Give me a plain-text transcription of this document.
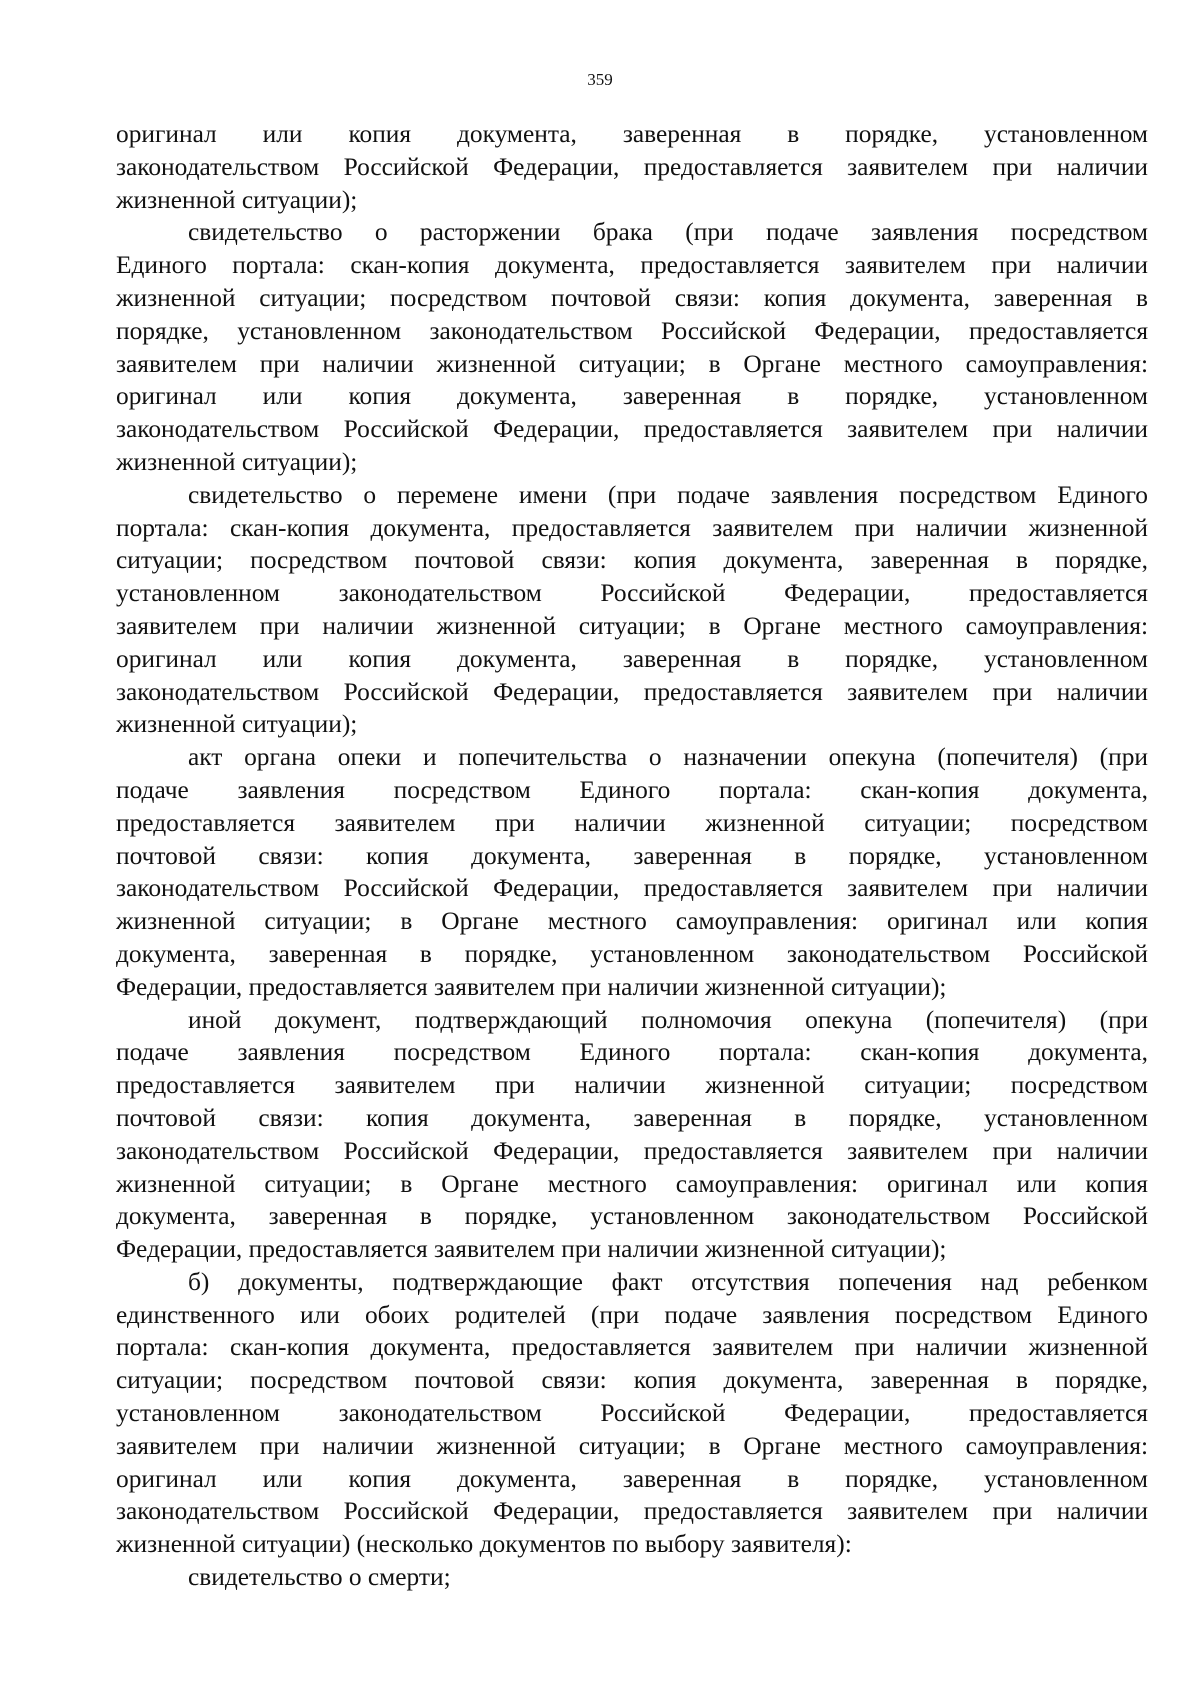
359
оригинал или копия документа, заверенная в порядке, установленном
законодательством Российской Федерации, предоставляется заявителем при наличии
жизненной ситуации);
свидетельство о расторжении брака (при подаче заявления посредством
Единого портала: скан-копия документа, предоставляется заявителем при наличии
жизненной ситуации; посредством почтовой связи: копия документа, заверенная в
порядке, установленном законодательством Российской Федерации, предоставляется
заявителем при наличии жизненной ситуации; в Органе местного самоуправления:
оригинал или копия документа, заверенная в порядке, установленном
законодательством Российской Федерации, предоставляется заявителем при наличии
жизненной ситуации);
свидетельство о перемене имени (при подаче заявления посредством Единого
портала: скан-копия документа, предоставляется заявителем при наличии жизненной
ситуации; посредством почтовой связи: копия документа, заверенная в порядке,
установленном законодательством Российской Федерации, предоставляется
заявителем при наличии жизненной ситуации; в Органе местного самоуправления:
оригинал или копия документа, заверенная в порядке, установленном
законодательством Российской Федерации, предоставляется заявителем при наличии
жизненной ситуации);
акт органа опеки и попечительства о назначении опекуна (попечителя) (при
подаче заявления посредством Единого портала: скан-копия документа,
предоставляется заявителем при наличии жизненной ситуации; посредством
почтовой связи: копия документа, заверенная в порядке, установленном
законодательством Российской Федерации, предоставляется заявителем при наличии
жизненной ситуации; в Органе местного самоуправления: оригинал или копия
документа, заверенная в порядке, установленном законодательством Российской
Федерации, предоставляется заявителем при наличии жизненной ситуации);
иной документ, подтверждающий полномочия опекуна (попечителя) (при
подаче заявления посредством Единого портала: скан-копия документа,
предоставляется заявителем при наличии жизненной ситуации; посредством
почтовой связи: копия документа, заверенная в порядке, установленном
законодательством Российской Федерации, предоставляется заявителем при наличии
жизненной ситуации; в Органе местного самоуправления: оригинал или копия
документа, заверенная в порядке, установленном законодательством Российской
Федерации, предоставляется заявителем при наличии жизненной ситуации);
б) документы, подтверждающие факт отсутствия попечения над ребенком
единственного или обоих родителей (при подаче заявления посредством Единого
портала: скан-копия документа, предоставляется заявителем при наличии жизненной
ситуации; посредством почтовой связи: копия документа, заверенная в порядке,
установленном законодательством Российской Федерации, предоставляется
заявителем при наличии жизненной ситуации; в Органе местного самоуправления:
оригинал или копия документа, заверенная в порядке, установленном
законодательством Российской Федерации, предоставляется заявителем при наличии
жизненной ситуации) (несколько документов по выбору заявителя):
свидетельство о смерти;
